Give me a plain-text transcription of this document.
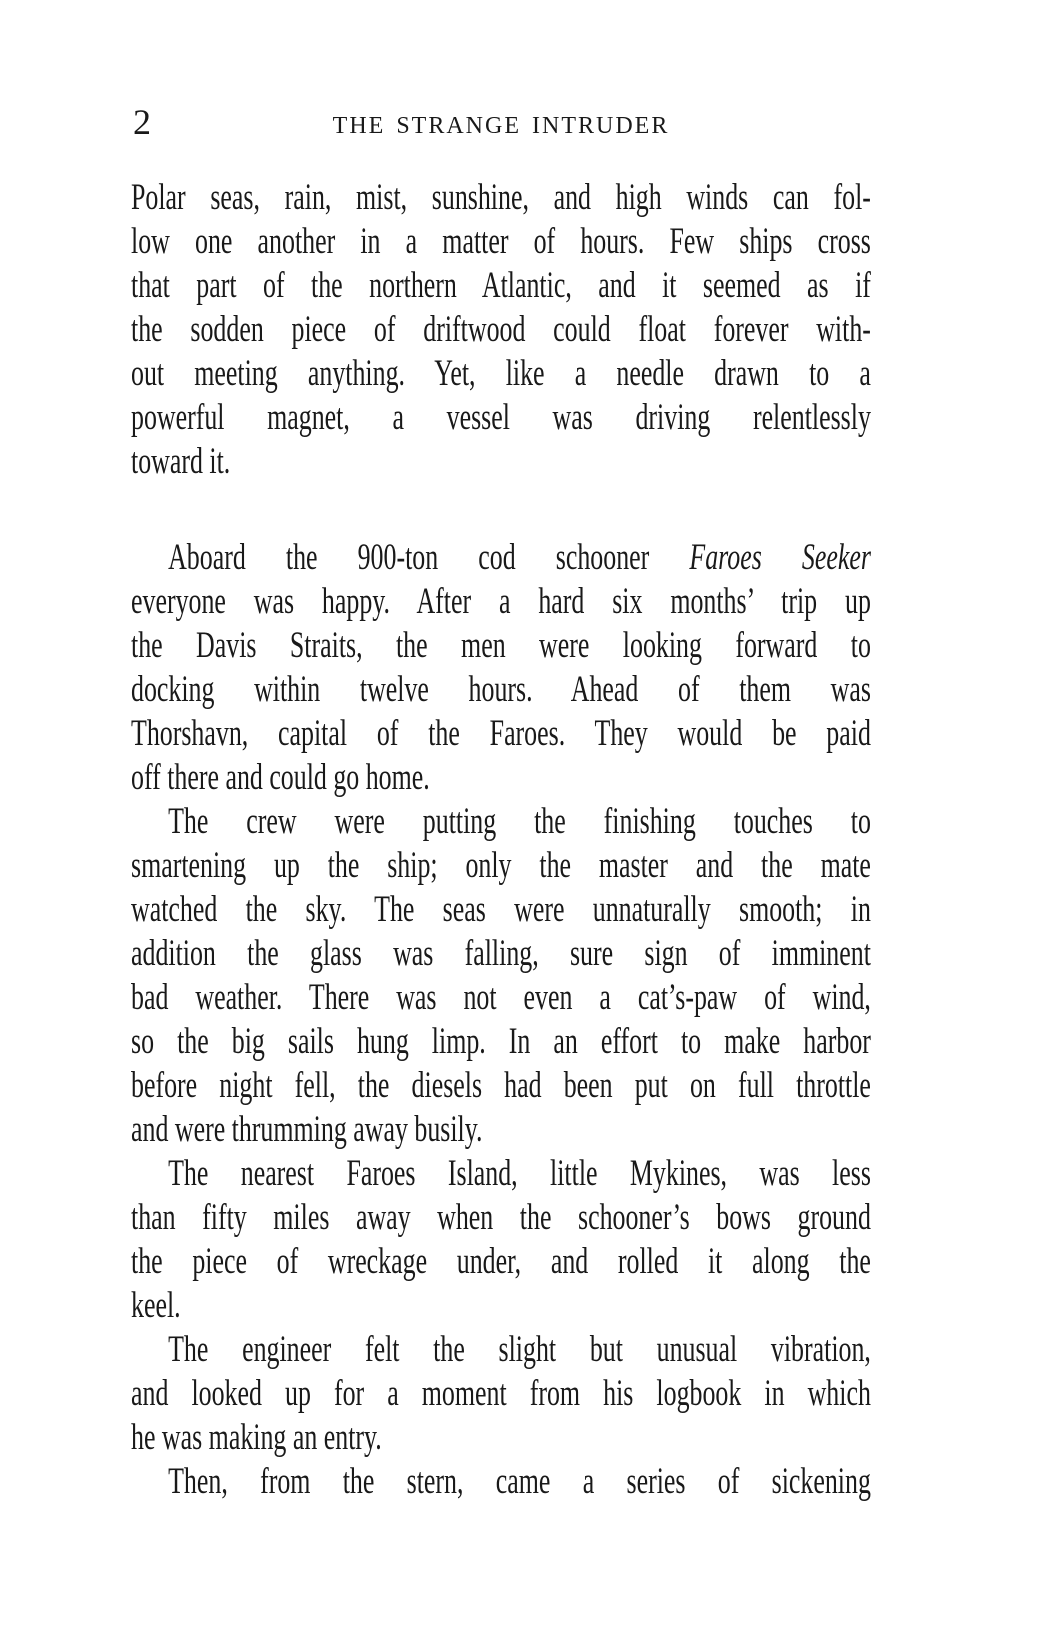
2	THE STRANGE INTRUDER

Polar seas, rain, mist, sunshine, and high winds can fol-
low one another in a matter of hours. Few ships cross
that part of the northern Atlantic, and it seemed as if
the sodden piece of driftwood could float forever with-
out meeting anything. Yet, like a needle drawn to a
powerful magnet, a vessel was driving relentlessly
toward it.

Aboard the 900-ton cod schooner Faroes Seeker
everyone was happy. After a hard six months’ trip up
the Davis Straits, the men were looking forward to
docking within twelve hours. Ahead of them was
Thorshavn, capital of the Faroes. They would be paid
off there and could go home.

The crew were putting the finishing touches to
smartening up the ship; only the master and the mate
watched the sky. The seas were unnaturally smooth; in
addition the glass was falling, sure sign of imminent
bad weather. There was not even a cat’s-paw of wind,
so the big sails hung limp. In an effort to make harbor
before night fell, the diesels had been put on full throttle
and were thrumming away busily.

The nearest Faroes Island, little Mykines, was less
than fifty miles away when the schooner’s bows ground
the piece of wreckage under, and rolled it along the
keel.

The engineer felt the slight but unusual vibration,
and looked up for a moment from his logbook in which
he was making an entry.

Then, from the stern, came a series of sickening
